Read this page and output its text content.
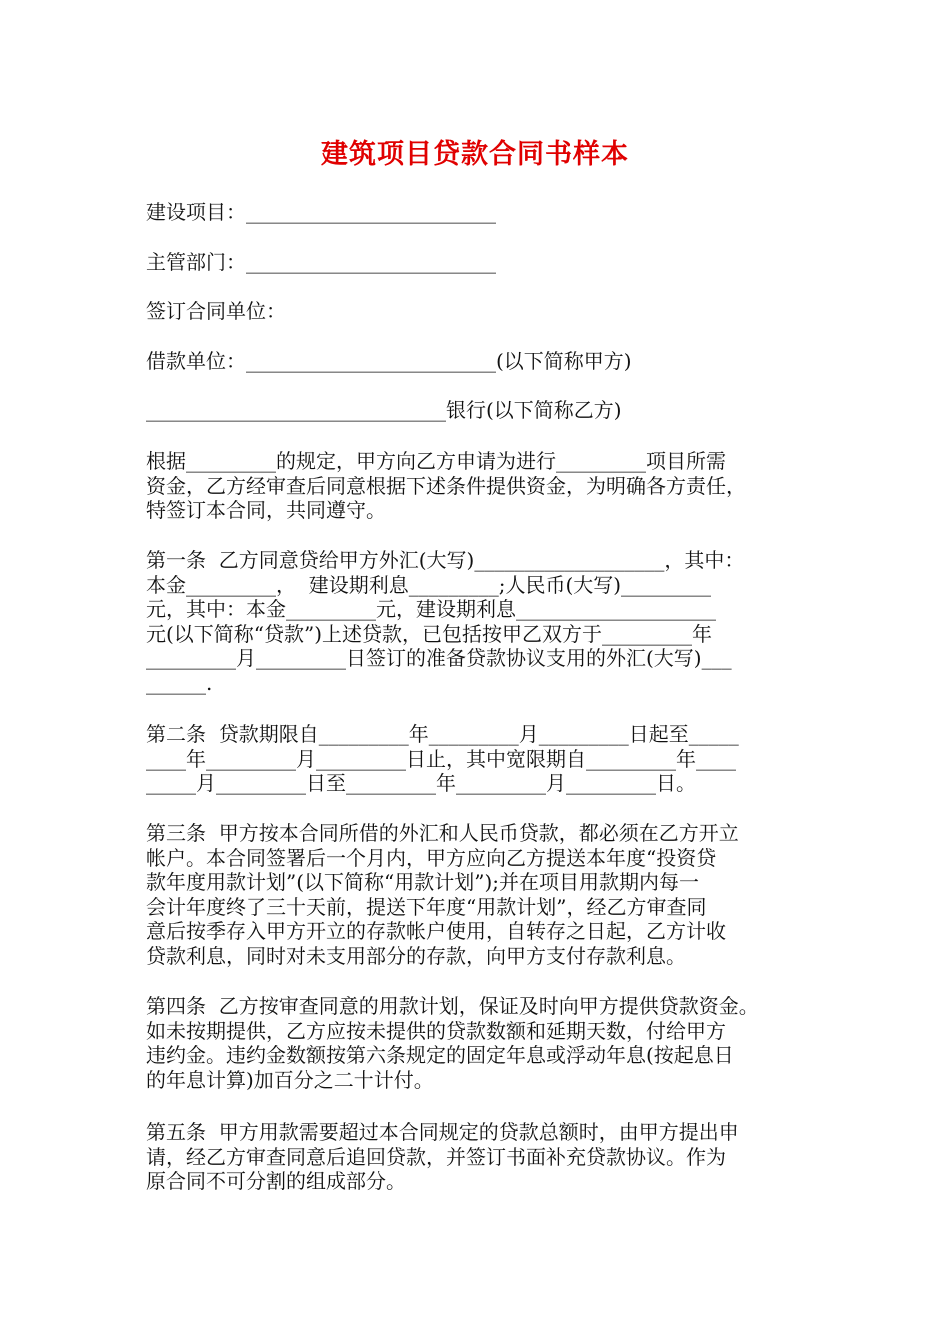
建筑项目贷款合同书样本
建设项目：_________________________
主管部门：_________________________
签订合同单位：
借款单位：_________________________(以下简称甲方)
______________________________银行(以下简称乙方)
根据_________的规定，甲方向乙方申请为进行_________项目所需
资金，乙方经审查后同意根据下述条件提供资金，为明确各方责任，
特签订本合同，共同遵守。
第一条  乙方同意贷给甲方外汇(大写)___________________，其中：
本金_________，  建设期利息_________;人民币(大写)_________
元，其中：本金_________元，建设期利息____________________
元(以下简称“贷款”)上述贷款，已包括按甲乙双方于_________年
_________月_________日签订的准备贷款协议支用的外汇(大写)___
______.
第二条  贷款期限自_________年_________月_________日起至_____
____年_________月_________日止，其中宽限期自_________年____
_____月_________日至_________年_________月_________日。
第三条  甲方按本合同所借的外汇和人民币贷款，都必须在乙方开立
帐户。本合同签署后一个月内，甲方应向乙方提送本年度“投资贷
款年度用款计划”(以下简称“用款计划”);并在项目用款期内每一
会计年度终了三十天前，提送下年度“用款计划”，经乙方审查同
意后按季存入甲方开立的存款帐户使用，自转存之日起，乙方计收
贷款利息，同时对未支用部分的存款，向甲方支付存款利息。
第四条  乙方按审查同意的用款计划，保证及时向甲方提供贷款资金。
如未按期提供，乙方应按未提供的贷款数额和延期天数，付给甲方
违约金。违约金数额按第六条规定的固定年息或浮动年息(按起息日
的年息计算)加百分之二十计付。
第五条  甲方用款需要超过本合同规定的贷款总额时，由甲方提出申
请，经乙方审查同意后追回贷款，并签订书面补充贷款协议。作为
原合同不可分割的组成部分。
